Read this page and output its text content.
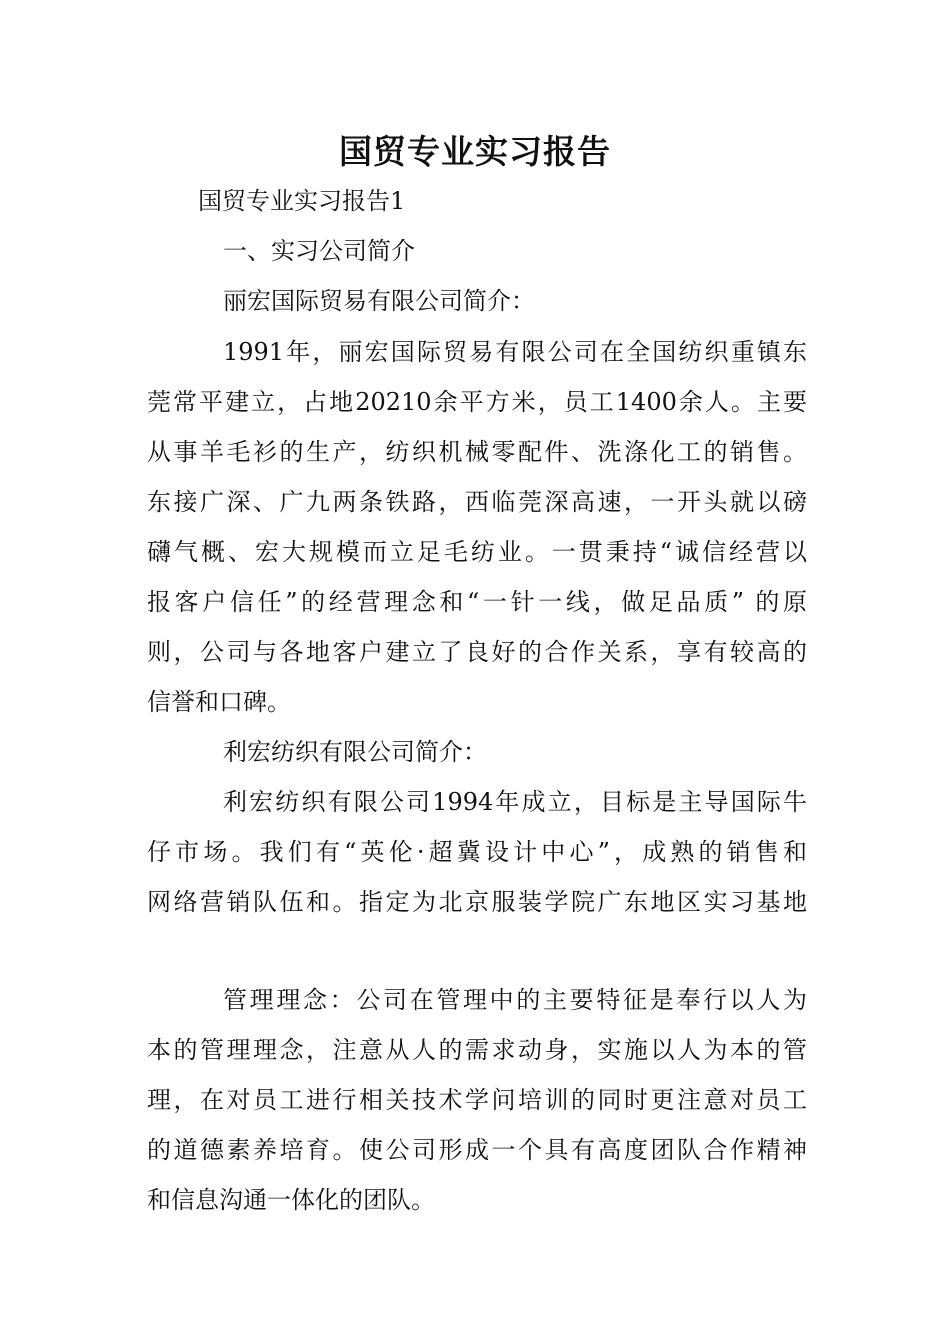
国贸专业实习报告

国贸专业实习报告1

一、实习公司简介

丽宏国际贸易有限公司简介：

1991年，丽宏国际贸易有限公司在全国纺织重镇东

莞常平建立，占地20210余平方米，员工1400余人。主要

从事羊毛衫的生产，纺织机械零配件、洗涤化工的销售。

东接广深、广九两条铁路，西临莞深高速，一开头就以磅

礴气概、宏大规模而立足毛纺业。一贯秉持“诚信经营以

报客户信任”的经营理念和“一针一线，做足品质” 的原

则，公司与各地客户建立了良好的合作关系，享有较高的

信誉和口碑。

利宏纺织有限公司简介：

利宏纺织有限公司1994年成立，目标是主导国际牛

仔市场。我们有“英伦·超冀设计中心”，成熟的销售和

网络营销队伍和。指定为北京服装学院广东地区实习基地

管理理念：公司在管理中的主要特征是奉行以人为

本的管理理念，注意从人的需求动身，实施以人为本的管

理，在对员工进行相关技术学问培训的同时更注意对员工

的道德素养培育。使公司形成一个具有高度团队合作精神

和信息沟通一体化的团队。
